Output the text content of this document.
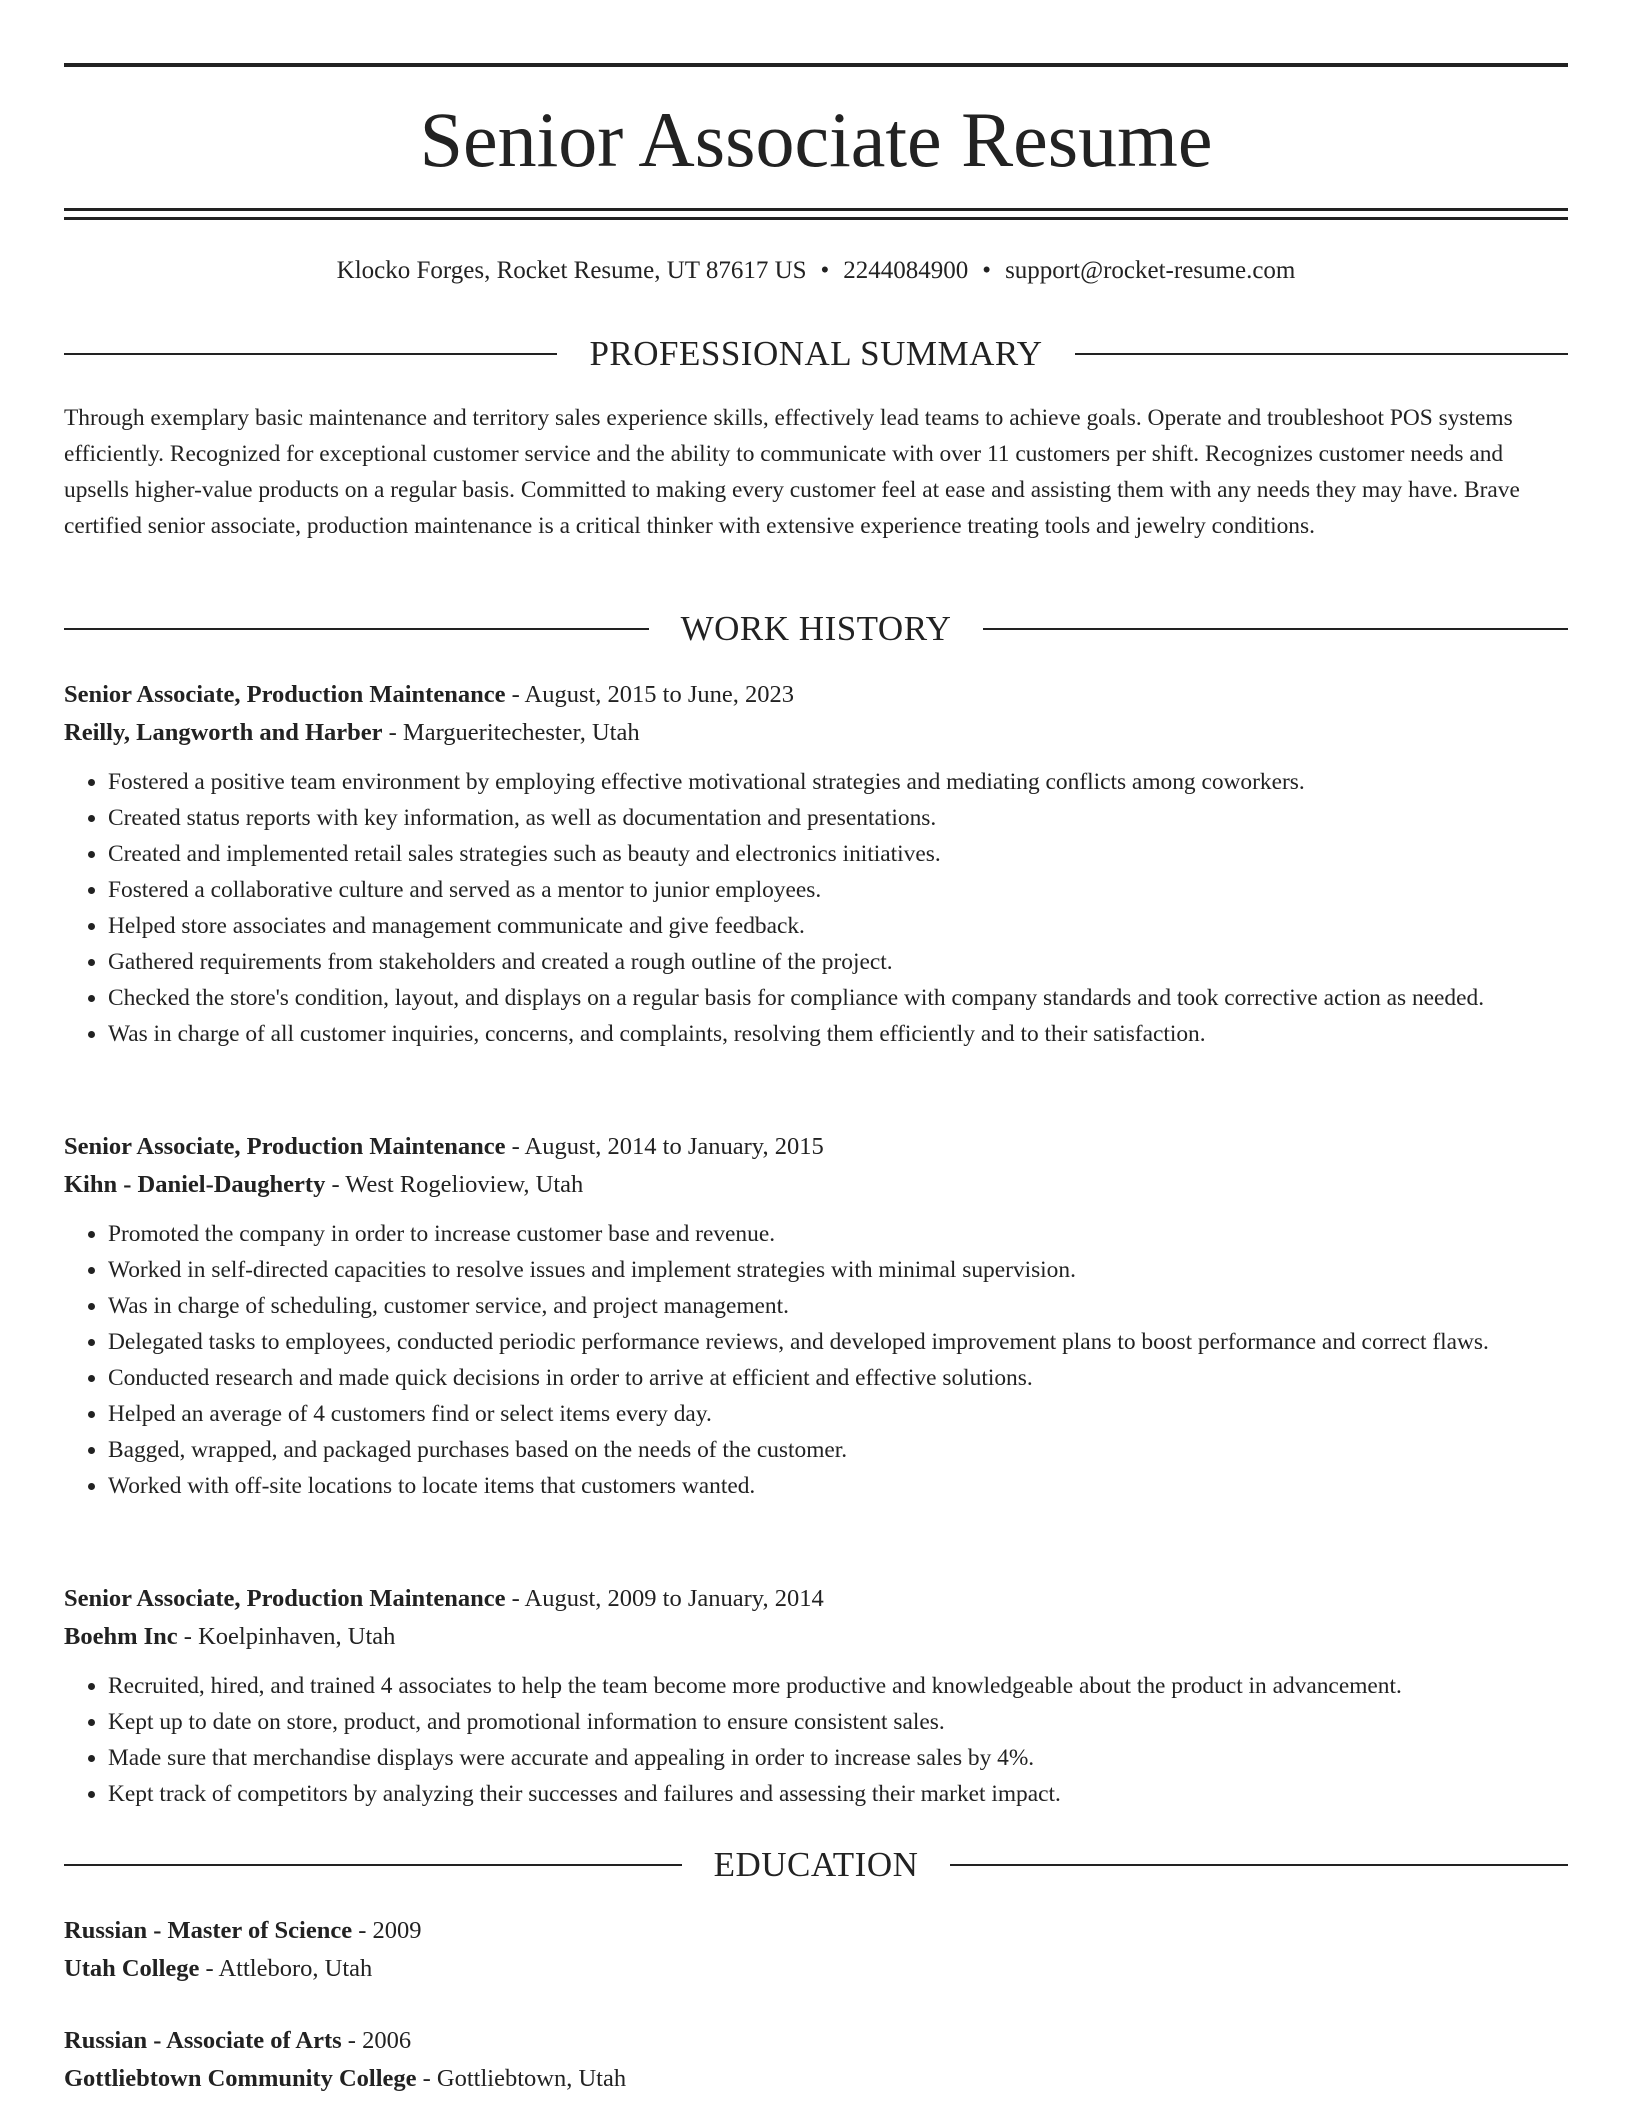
Senior Associate Resume
Klocko Forges, Rocket Resume, UT 87617 US • 2244084900 • support@rocket-resume.com
PROFESSIONAL SUMMARY

Through exemplary basic maintenance and territory sales experience skills, effectively lead teams to achieve goals. Operate and troubleshoot POS systems efficiently. Recognized for exceptional customer service and the ability to communicate with over 11 customers per shift. Recognizes customer needs and upsells higher-value products on a regular basis. Committed to making every customer feel at ease and assisting them with any needs they may have. Brave certified senior associate, production maintenance is a critical thinker with extensive experience treating tools and jewelry conditions.

WORK HISTORY

Senior Associate, Production Maintenance - August, 2015 to June, 2023

Reilly, Langworth and Harber - Margueritechester, Utah

• Fostered a positive team environment by employing effective motivational strategies and mediating conflicts among coworkers.
• Created status reports with key information, as well as documentation and presentations.
• Created and implemented retail sales strategies such as beauty and electronics initiatives.
• Fostered a collaborative culture and served as a mentor to junior employees.
• Helped store associates and management communicate and give feedback.
• Gathered requirements from stakeholders and created a rough outline of the project.
• Checked the store's condition, layout, and displays on a regular basis for compliance with company standards and took corrective action as needed.
• Was in charge of all customer inquiries, concerns, and complaints, resolving them efficiently and to their satisfaction.

Senior Associate, Production Maintenance - August, 2014 to January, 2015

Kihn - Daniel-Daugherty - West Rogelioview, Utah

• Promoted the company in order to increase customer base and revenue.
• Worked in self-directed capacities to resolve issues and implement strategies with minimal supervision.
• Was in charge of scheduling, customer service, and project management.
• Delegated tasks to employees, conducted periodic performance reviews, and developed improvement plans to boost performance and correct flaws.
• Conducted research and made quick decisions in order to arrive at efficient and effective solutions.
• Helped an average of 4 customers find or select items every day.
• Bagged, wrapped, and packaged purchases based on the needs of the customer.
• Worked with off-site locations to locate items that customers wanted.

Senior Associate, Production Maintenance - August, 2009 to January, 2014

Boehm Inc - Koelpinhaven, Utah

• Recruited, hired, and trained 4 associates to help the team become more productive and knowledgeable about the product in advancement.
• Kept up to date on store, product, and promotional information to ensure consistent sales.
• Made sure that merchandise displays were accurate and appealing in order to increase sales by 4%.
• Kept track of competitors by analyzing their successes and failures and assessing their market impact.
EDUCATION

Russian - Master of Science - 2009

Utah College - Attleboro, Utah

Russian - Associate of Arts - 2006

Gottliebtown Community College - Gottliebtown, Utah
